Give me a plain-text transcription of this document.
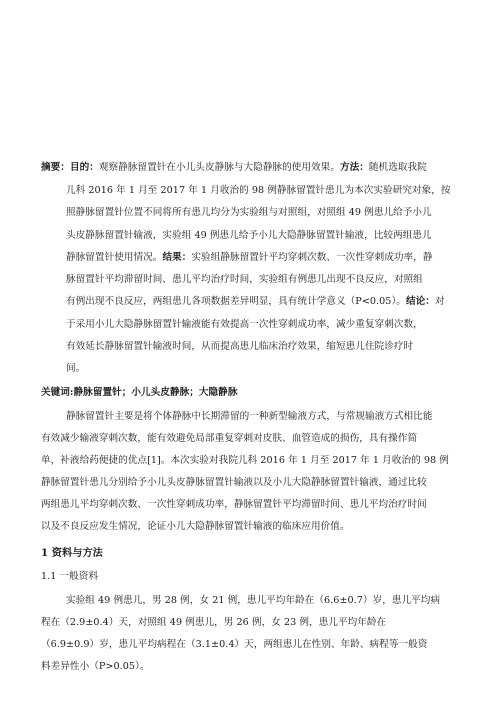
摘要：目的：观察静脉留置针在小儿头皮静脉与大隐静脉的使用效果。方法：随机选取我院
儿科 2016 年 1 月至 2017 年 1 月收治的 98 例静脉留置针患儿为本次实验研究对象，按
照静脉留置针位置不同将所有患儿均分为实验组与对照组，对照组 49 例患儿给予小儿
头皮静脉留置针输液，实验组 49 例患儿给予小儿大隐静脉留置针输液，比较两组患儿
静脉留置针使用情况。结果：实验组静脉留置针平均穿刺次数、一次性穿刺成功率，静
脉留置针平均滞留时间、患儿平均治疗时间，实验组有例患儿出现不良反应，对照组
有例出现不良反应，两组患儿各项数据差异明显，具有统计学意义（P<0.05）。结论：对
于采用小儿大隐静脉留置针输液能有效提高一次性穿刺成功率，减少重复穿刺次数，
有效延长静脉留置针输液时间，从而提高患儿临床治疗效果，缩短患儿住院诊疗时
间。
关键词:静脉留置针；小儿头皮静脉；大隐静脉
静脉留置针主要是将个体静脉中长期滞留的一种新型输液方式，与常规输液方式相比能
有效减少输液穿刺次数，能有效避免局部重复穿刺对皮肤、血管造成的损伤，具有操作简
单，补液给药便捷的优点[1]。本次实验对我院儿科 2016 年 1 月至 2017 年 1 月收治的 98 例
静脉留置针患儿分别给予小儿头皮静脉留置针输液以及小儿大隐静脉留置针输液，通过比较
两组患儿平均穿刺次数、一次性穿刺成功率，静脉留置针平均滞留时间、患儿平均治疗时间
以及不良反应发生情况，论证小儿大隐静脉留置针输液的临床应用价值。
1 资料与方法
1.1 一般资料
实验组 49 例患儿，男 28 例，女 21 例，患儿平均年龄在（6.6±0.7）岁，患儿平均病
程在（2.9±0.4）天，对照组 49 例患儿，男 26 例，女 23 例，患儿平均年龄在
（6.9±0.9）岁，患儿平均病程在（3.1±0.4）天，两组患儿在性别、年龄、病程等一般资
料差异性小（P>0.05）。
